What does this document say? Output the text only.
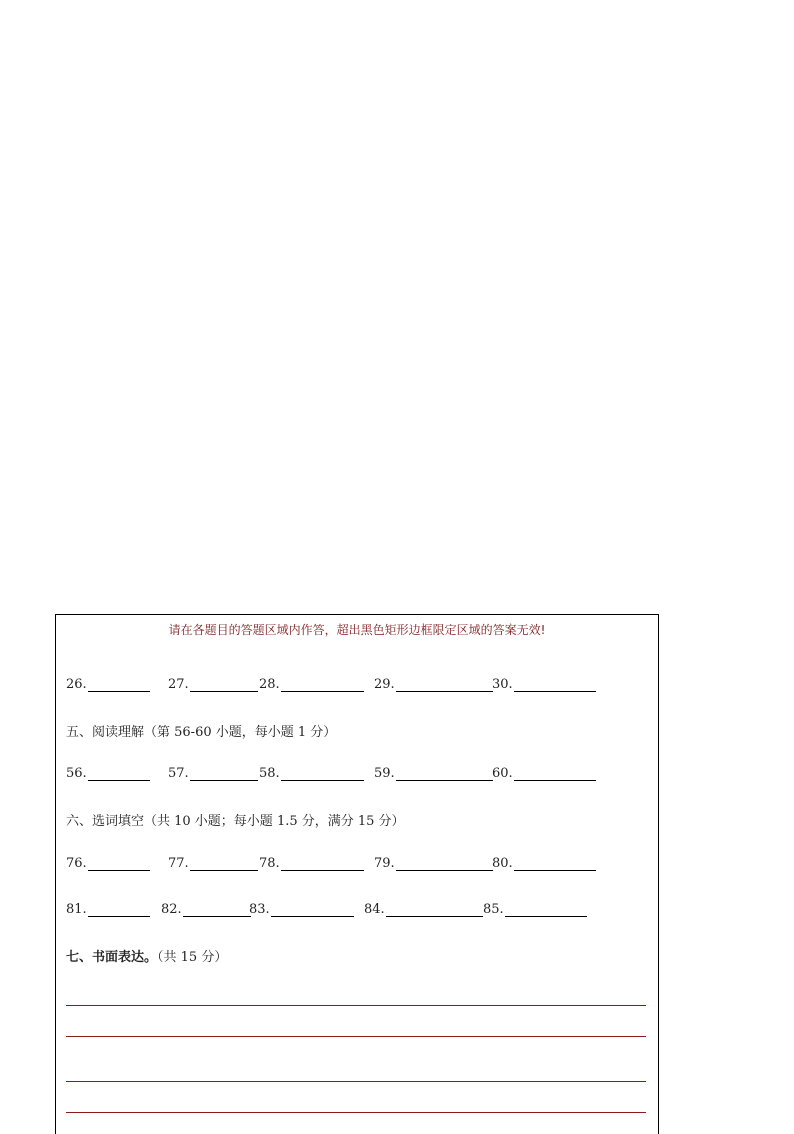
请在各题目的答题区域内作答，超出黑色矩形边框限定区域的答案无效!
26.	27.	28.	29.	30.
五、阅读理解（第 56-60 小题，每小题 1 分）
56.	57.	58.	59.	60.
六、选词填空（共 10 小题；每小题 1.5 分，满分 15 分）
76.	77.	78.	79.	80.
81.	82.	83.	84.	85.
七、书面表达。（共 15 分）
